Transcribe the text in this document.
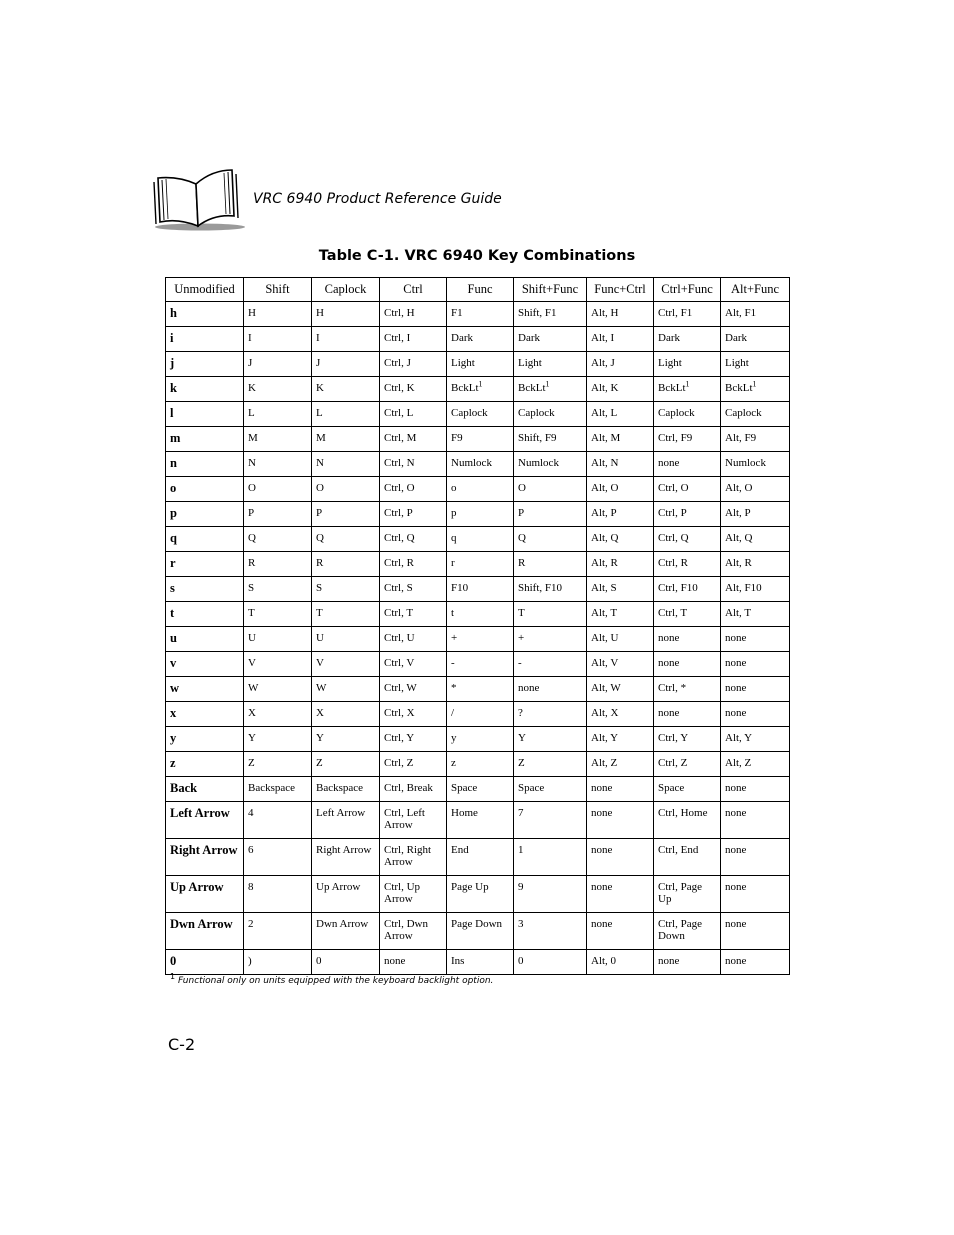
VRC 6940 Product Reference Guide
Table C-1. VRC 6940 Key Combinations
Unmodified	Shift	Caplock	Ctrl	Func	Shift+Func	Func+Ctrl	Ctrl+Func	Alt+Func
h	H	H	Ctrl, H	F1	Shift, F1	Alt, H	Ctrl, F1	Alt, F1
i	I	I	Ctrl, I	Dark	Dark	Alt, I	Dark	Dark
j	J	J	Ctrl, J	Light	Light	Alt, J	Light	Light
k	K	K	Ctrl, K	BckLt$^1$	BckLt$^1$	Alt, K	BckLt$^1$	BckLt$^1$
l	L	L	Ctrl, L	Caplock	Caplock	Alt, L	Caplock	Caplock
m	M	M	Ctrl, M	F9	Shift, F9	Alt, M	Ctrl, F9	Alt, F9
n	N	N	Ctrl, N	Numlock	Numlock	Alt, N	none	Numlock
o	O	O	Ctrl, O	o	O	Alt, O	Ctrl, O	Alt, O
p	P	P	Ctrl, P	p	P	Alt, P	Ctrl, P	Alt, P
q	Q	Q	Ctrl, Q	q	Q	Alt, Q	Ctrl, Q	Alt, Q
r	R	R	Ctrl, R	r	R	Alt, R	Ctrl, R	Alt, R
s	S	S	Ctrl, S	F10	Shift, F10	Alt, S	Ctrl, F10	Alt, F10
t	T	T	Ctrl, T	t	T	Alt, T	Ctrl, T	Alt, T
u	U	U	Ctrl, U	+	+	Alt, U	none	none
v	V	V	Ctrl, V	-	-	Alt, V	none	none
w	W	W	Ctrl, W	*	none	Alt, W	Ctrl, *	none
x	X	X	Ctrl, X	/	?	Alt, X	none	none
y	Y	Y	Ctrl, Y	y	Y	Alt, Y	Ctrl, Y	Alt, Y
z	Z	Z	Ctrl, Z	z	Z	Alt, Z	Ctrl, Z	Alt, Z
Back	Backspace	Backspace	Ctrl, Break	Space	Space	none	Space	none
Left Arrow	4	Left Arrow	Ctrl, Left Arrow	Home	7	none	Ctrl, Home	none
Right Arrow	6	Right Arrow	Ctrl, Right Arrow	End	1	none	Ctrl, End	none
Up Arrow	8	Up Arrow	Ctrl, Up Arrow	Page Up	9	none	Ctrl, Page Up	none
Dwn Arrow	2	Dwn Arrow	Ctrl, Dwn Arrow	Page Down	3	none	Ctrl, Page Down	none
0	)	0	none	Ins	0	Alt, 0	none	none
$^1$ Functional only on units equipped with the keyboard backlight option.
C-2
